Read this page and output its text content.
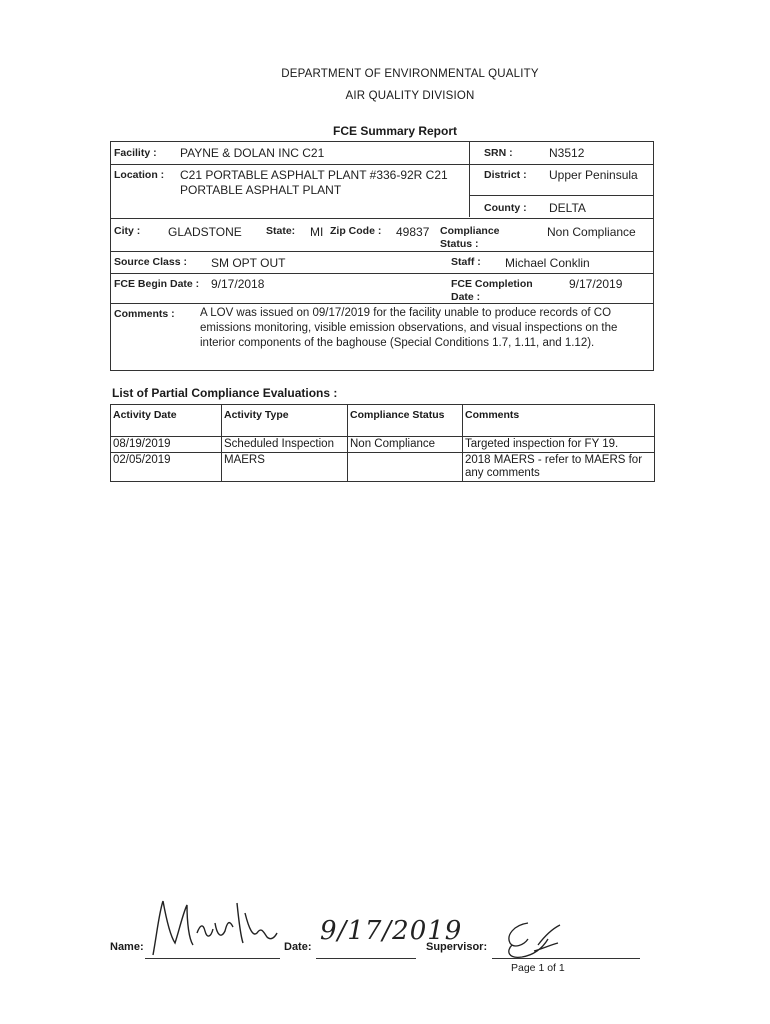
DEPARTMENT OF ENVIRONMENTAL QUALITY
AIR QUALITY DIVISION
FCE Summary Report
Facility : PAYNE & DOLAN INC C21	SRN :	N3512
Location : C21 PORTABLE ASPHALT PLANT #336-92R C21
PORTABLE ASPHALT PLANT
District : Upper Peninsula
County : DELTA
City : GLADSTONE State: MI Zip Code : 49837 Compliance
Status :
Non Compliance
Source Class : SM OPT OUT	Staff : Michael Conklin
FCE Begin Date : 9/17/2018	FCE Completion
Date :
9/17/2019
Comments : A LOV was issued on 09/17/2019 for the facility unable to produce records of CO
emissions monitoring, visible emission observations, and visual inspections on the
interior components of the baghouse (Special Conditions 1.7, 1.11, and 1.12).
List of Partial Compliance Evaluations :
Activity Date	Activity Type	Compliance Status	Comments
08/19/2019	Scheduled Inspection	Non Compliance	Targeted inspection for FY 19.
02/05/2019	MAERS		2018 MAERS - refer to MAERS for any comments
Name:	Date:
9/17/2019
Supervisor:
Page 1 of 1
